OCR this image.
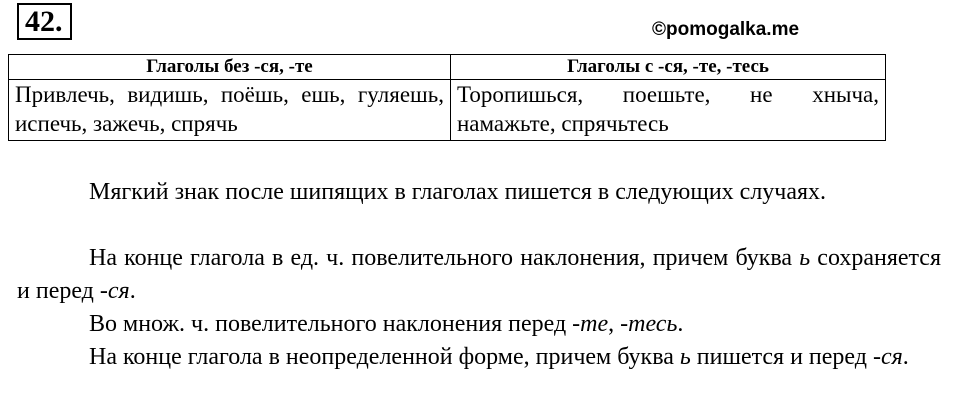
42.	©pomogalka.me
Глаголы без -ся, -те	Глаголы с -ся, -те, -тесь
Привлечь, видишь, поёшь, ешь, гуляешь, испечь, зажечь, спрячь	Торопишься, поешьте, не хныча, намажьте, спрячьтесь

Мягкий знак после шипящих в глаголах пишется в следующих случаях.

На конце глагола в ед. ч. повелительного наклонения, причем буква ь сохраняется и перед -ся.

Во множ. ч. повелительного наклонения перед -те, -тесь.

На конце глагола в неопределенной форме, причем буква ь пишется и перед -ся.
